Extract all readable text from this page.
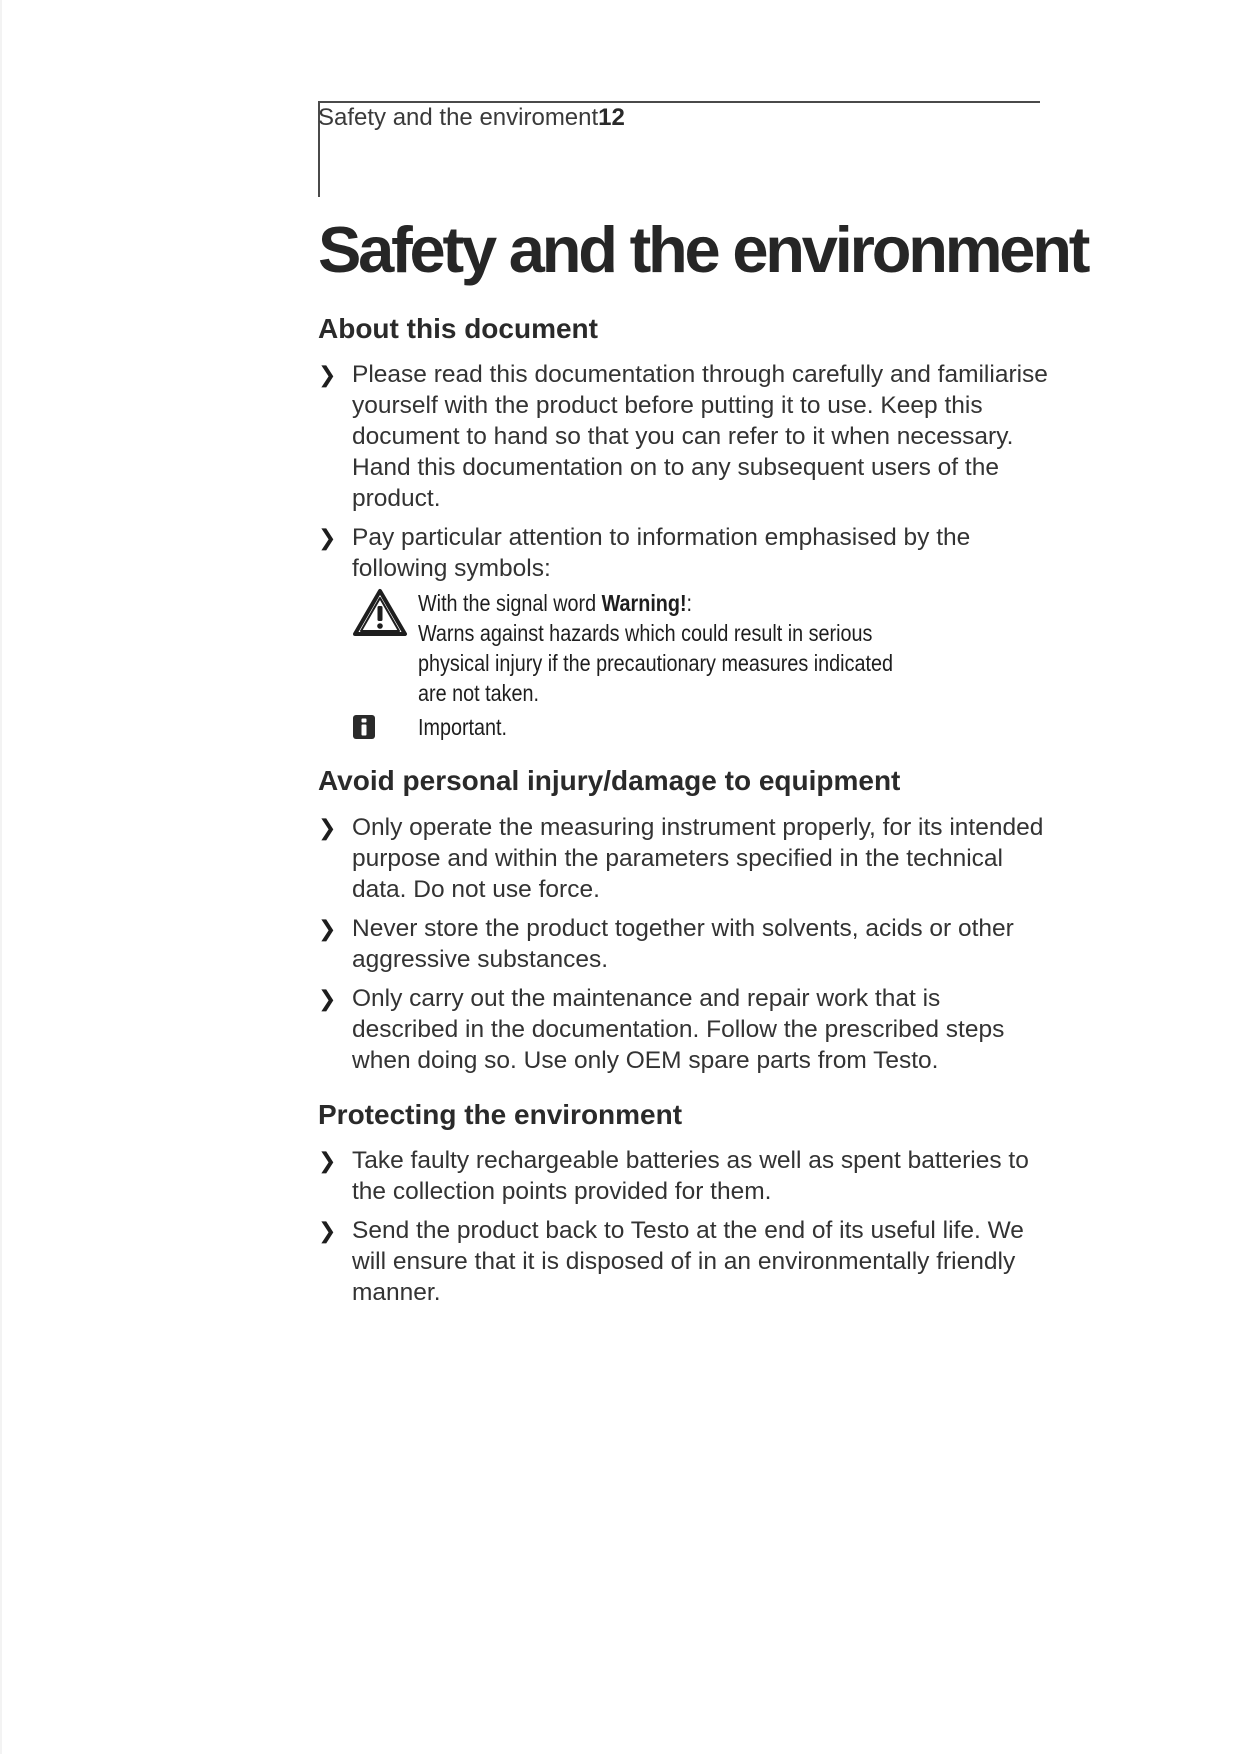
Safety and the enviroment12
Safety and the environment
About this document
❯ Please read this documentation through carefully and familiarise yourself with the product before putting it to use. Keep this document to hand so that you can refer to it when necessary. Hand this documentation on to any subsequent users of the product.
❯ Pay particular attention to information emphasised by the following symbols:
With the signal word Warning!:
Warns against hazards which could result in serious physical injury if the precautionary measures indicated are not taken.
Important.
Avoid personal injury/damage to equipment
❯ Only operate the measuring instrument properly, for its intended purpose and within the parameters specified in the technical data. Do not use force.
❯ Never store the product together with solvents, acids or other aggressive substances.
❯ Only carry out the maintenance and repair work that is described in the documentation. Follow the prescribed steps when doing so. Use only OEM spare parts from Testo.
Protecting the environment
❯ Take faulty rechargeable batteries as well as spent batteries to the collection points provided for them.
❯ Send the product back to Testo at the end of its useful life. We will ensure that it is disposed of in an environmentally friendly manner.
